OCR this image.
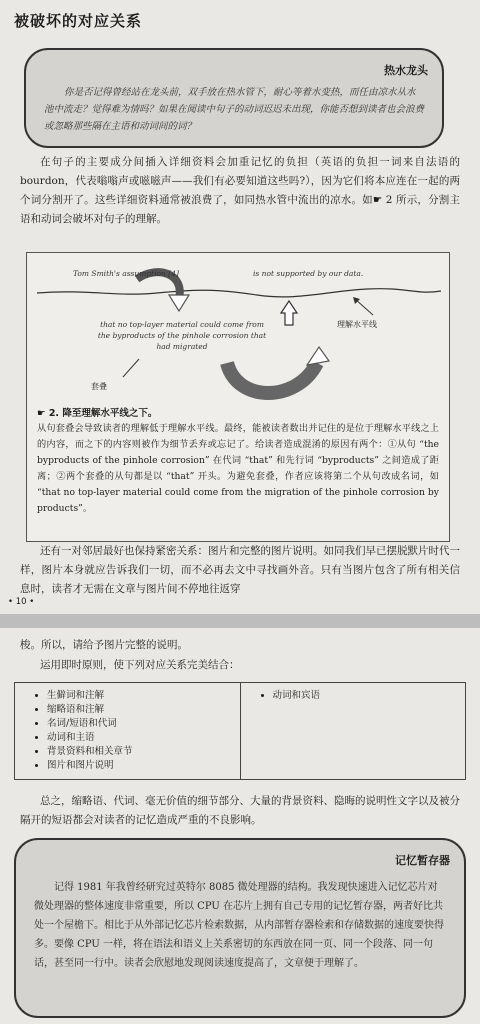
被破坏的对应关系
热水龙头
你是否记得曾经站在龙头前，双手放在热水管下，耐心等着水变热，而任由凉水从水池中流走？觉得难为情吗？如果在阅读中句子的动词迟迟未出现，你能否想到读者也会浪费或忽略那些隔在主语和动词间的词？
在句子的主要成分间插入详细资料会加重记忆的负担（英语的负担一词来自法语的 bourdon，代表嗡嗡声或嗞嗞声——我们有必要知道这些吗?），因为它们将本应连在一起的两个词分割开了。这些详细资料通常被浪费了，如同热水管中流出的凉水。如☛ 2 所示，分割主语和动词会破坏对句子的理解。
Tom Smith's assumption [4]	is not supported by our data.
that no top-layer material could come from the byproducts of the pinhole corrosion that had migrated
理解水平线
套叠
☛ 2. 降至理解水平线之下。
从句套叠会导致读者的理解低于理解水平线。最终，能被读者数出并记住的是位于理解水平线之上的内容，而之下的内容则被作为细节丢弃或忘记了。给读者造成混淆的原因有两个：①从句 “the byproducts of the pinhole corrosion” 在代词 “that” 和先行词 “byproducts” 之间造成了距离；②两个套叠的从句都是以 “that” 开头。为避免套叠，作者应该将第二个从句改成名词，如 “that no top-layer material could come from the migration of the pinhole corrosion by products”。
还有一对邻居最好也保持紧密关系：图片和完整的图片说明。如同我们早已摆脱默片时代一样，图片本身就应告诉我们一切，而不必再去文中寻找画外音。只有当图片包含了所有相关信息时，读者才无需在文章与图片间不停地往返穿
• 10 •
梭。所以，请给予图片完整的说明。
运用即时原则，使下列对应关系完美结合：
• 生僻词和注解
• 缩略语和注解
• 名词/短语和代词
• 动词和主语
• 背景资料和相关章节
• 图片和图片说明
• 动词和宾语
总之，缩略语、代词、毫无价值的细节部分、大量的背景资料、隐晦的说明性文字以及被分隔开的短语都会对读者的记忆造成严重的不良影响。
记忆暂存器
记得 1981 年我曾经研究过英特尔 8085 微处理器的结构。我发现快速进入记忆芯片对微处理器的整体速度非常重要，所以 CPU 在芯片上拥有自己专用的记忆暂存器，两者好比共处一个屋檐下。相比于从外部记忆芯片检索数据，从内部暂存器检索和存储数据的速度要快得多。要像 CPU 一样，将在语法和语义上关系密切的东西放在同一页、同一个段落、同一句话，甚至同一行中。读者会欣慰地发现阅读速度提高了，文章便于理解了。
